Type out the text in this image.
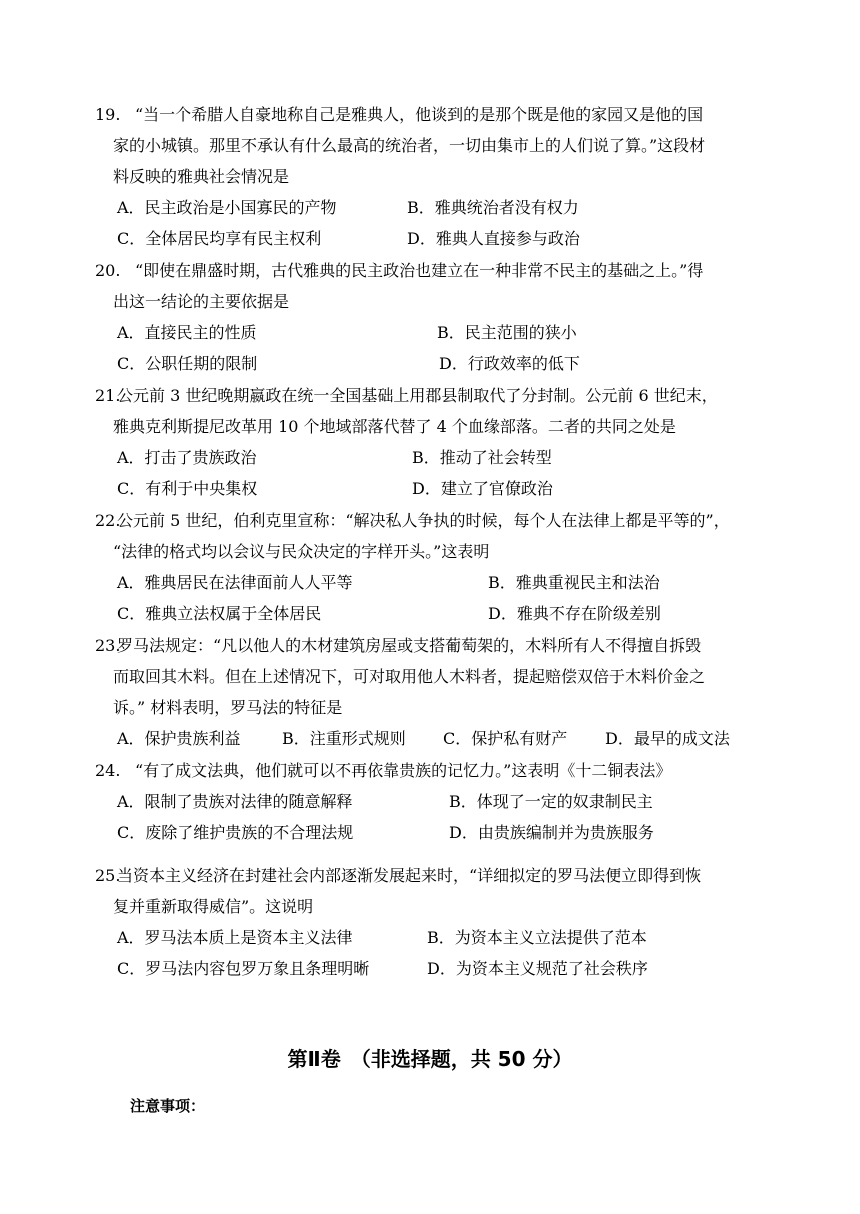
19. “当一个希腊人自豪地称自己是雅典人，他谈到的是那个既是他的家园又是他的国
家的小城镇。那里不承认有什么最高的统治者，一切由集市上的人们说了算。”这段材
料反映的雅典社会情况是
A．民主政治是小国寡民的产物	B．雅典统治者没有权力
C．全体居民均享有民主权利	D．雅典人直接参与政治
20. “即使在鼎盛时期，古代雅典的民主政治也建立在一种非常不民主的基础之上。”得
出这一结论的主要依据是
A．直接民主的性质	B．民主范围的狭小
C．公职任期的限制	D．行政效率的低下
21.
公元前 3 世纪晚期嬴政在统一全国基础上用郡县制取代了分封制。公元前 6 世纪末，
雅典克利斯提尼改革用 10 个地域部落代替了 4 个血缘部落。二者的共同之处是
A．打击了贵族政治	B．推动了社会转型
C．有利于中央集权	D．建立了官僚政治
22.
公元前 5 世纪，伯利克里宣称：“解决私人争执的时候，每个人在法律上都是平等的”，
“法律的格式均以会议与民众决定的字样开头。”这表明
A．雅典居民在法律面前人人平等	B．雅典重视民主和法治
C．雅典立法权属于全体居民	D．雅典不存在阶级差别
23.
罗马法规定：“凡以他人的木材建筑房屋或支搭葡萄架的，木料所有人不得擅自拆毁
而取回其木料。但在上述情况下，可对取用他人木料者，提起赔偿双倍于木料价金之
诉。” 材料表明，罗马法的特征是
A．保护贵族利益	B．注重形式规则 C．保护私有财产 D．最早的成文法
24. “有了成文法典，他们就可以不再依靠贵族的记忆力。”这表明《十二铜表法》
A．限制了贵族对法律的随意解释	B．体现了一定的奴隶制民主
C．废除了维护贵族的不合理法规	D．由贵族编制并为贵族服务
25.
当资本主义经济在封建社会内部逐渐发展起来时，“详细拟定的罗马法便立即得到恢
复并重新取得威信”。这说明
A．罗马法本质上是资本主义法律	B．为资本主义立法提供了范本
C．罗马法内容包罗万象且条理明晰	D．为资本主义规范了社会秩序
第Ⅱ卷　（非选择题，共 50 分）
注意事项：
